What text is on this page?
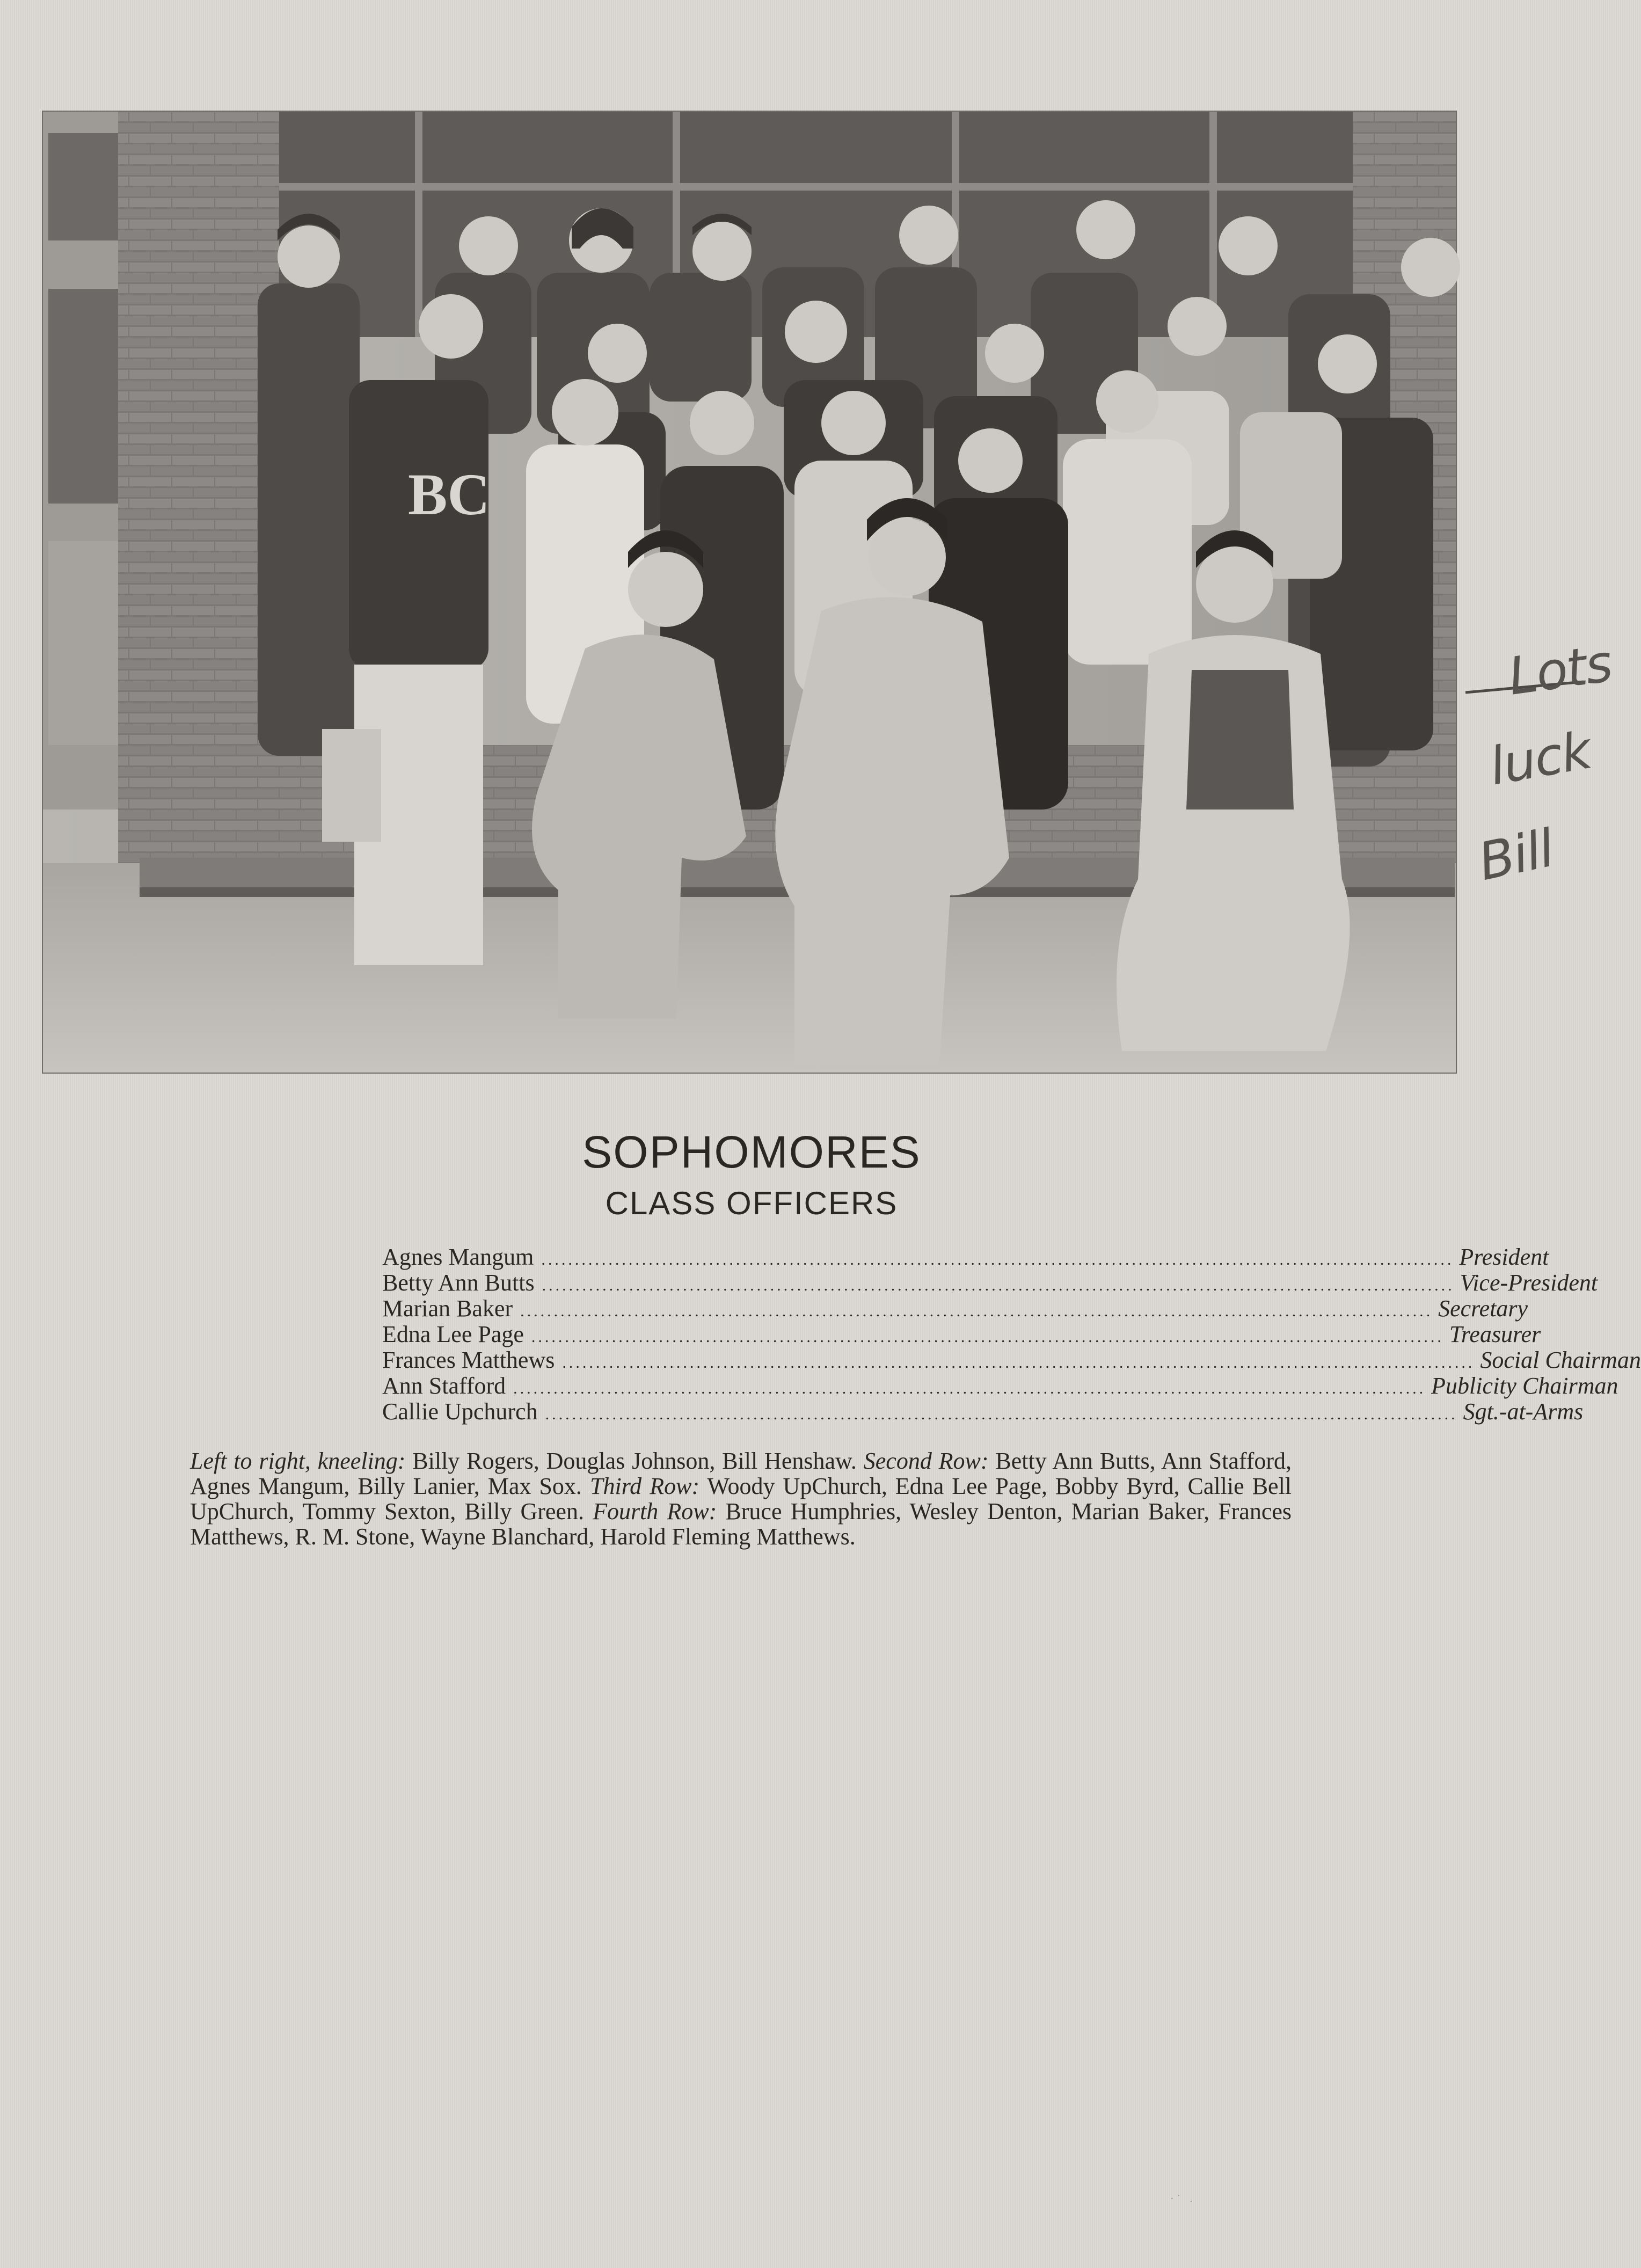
BC
Lots
luck
Bill
SOPHOMORES
CLASS OFFICERS
Agnes Mangum ........................................................................................................................................ President
Betty Ann Butts ........................................................................................................................................ Vice-President
Marian Baker ........................................................................................................................................ Secretary
Edna Lee Page ........................................................................................................................................ Treasurer
Frances Matthews ........................................................................................................................................ Social Chairman
Ann Stafford ........................................................................................................................................ Publicity Chairman
Callie Upchurch ........................................................................................................................................ Sgt.-at-Arms
Left to right, kneeling: Billy Rogers, Douglas Johnson, Bill Henshaw. Second Row: Betty Ann Butts, Ann Stafford, Agnes Mangum, Billy Lanier, Max Sox. Third Row: Woody UpChurch, Edna Lee Page, Bobby Byrd, Callie Bell UpChurch, Tommy Sexton, Billy Green. Fourth Row: Bruce Humphries, Wesley Denton, Marian Baker, Frances Matthews, R. M. Stone, Wayne Blanchard, Harold Fleming Matthews.
·˙ .
